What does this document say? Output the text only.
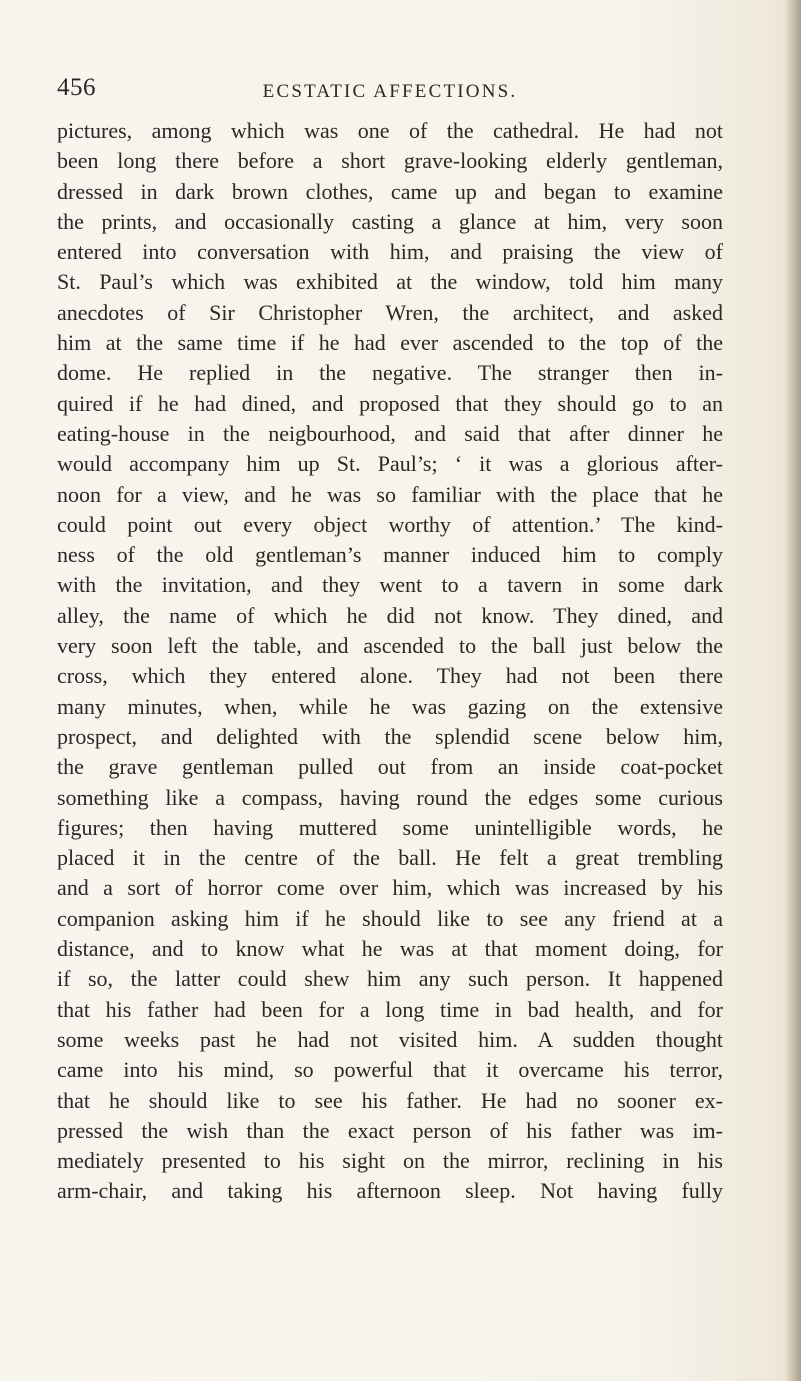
456	ECSTATIC AFFECTIONS.
pictures, among which was one of the cathedral. He had not
been long there before a short grave-looking elderly gentleman,
dressed in dark brown clothes, came up and began to examine
the prints, and occasionally casting a glance at him, very soon
entered into conversation with him, and praising the view of
St. Paul’s which was exhibited at the window, told him many
anecdotes of Sir Christopher Wren, the architect, and asked
him at the same time if he had ever ascended to the top of the
dome. He replied in the negative. The stranger then in-
quired if he had dined, and proposed that they should go to an
eating-house in the neigbourhood, and said that after dinner he
would accompany him up St. Paul’s; ‘ it was a glorious after-
noon for a view, and he was so familiar with the place that he
could point out every object worthy of attention.’ The kind-
ness of the old gentleman’s manner induced him to comply
with the invitation, and they went to a tavern in some dark
alley, the name of which he did not know. They dined, and
very soon left the table, and ascended to the ball just below the
cross, which they entered alone. They had not been there
many minutes, when, while he was gazing on the extensive
prospect, and delighted with the splendid scene below him,
the grave gentleman pulled out from an inside coat-pocket
something like a compass, having round the edges some curious
figures; then having muttered some unintelligible words, he
placed it in the centre of the ball. He felt a great trembling
and a sort of horror come over him, which was increased by his
companion asking him if he should like to see any friend at a
distance, and to know what he was at that moment doing, for
if so, the latter could shew him any such person. It happened
that his father had been for a long time in bad health, and for
some weeks past he had not visited him. A sudden thought
came into his mind, so powerful that it overcame his terror,
that he should like to see his father. He had no sooner ex-
pressed the wish than the exact person of his father was im-
mediately presented to his sight on the mirror, reclining in his
arm-chair, and taking his afternoon sleep. Not having fully
